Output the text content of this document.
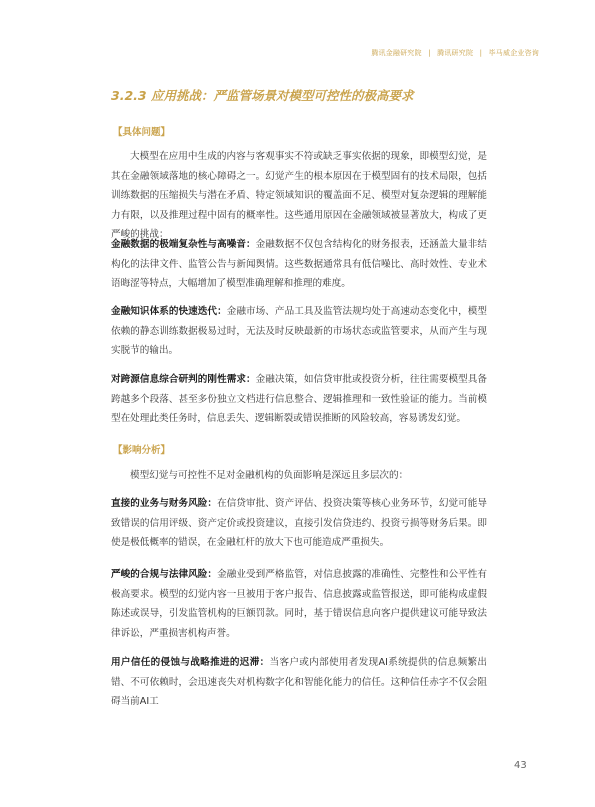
腾讯金融研究院 | 腾讯研究院 | 毕马威企业咨询
3.2.3 应用挑战：严监管场景对模型可控性的极高要求
【具体问题】
大模型在应用中生成的内容与客观事实不符或缺乏事实依据的现象，即模型幻觉，是其在金融领域落地的核心障碍之一。幻觉产生的根本原因在于模型固有的技术局限，包括训练数据的压缩损失与潜在矛盾、特定领域知识的覆盖面不足、模型对复杂逻辑的理解能力有限，以及推理过程中固有的概率性。这些通用原因在金融领域被显著放大，构成了更严峻的挑战：
金融数据的极端复杂性与高噪音：金融数据不仅包含结构化的财务报表，还涵盖大量非结构化的法律文件、监管公告与新闻舆情。这些数据通常具有低信噪比、高时效性、专业术语晦涩等特点，大幅增加了模型准确理解和推理的难度。
金融知识体系的快速迭代：金融市场、产品工具及监管法规均处于高速动态变化中，模型依赖的静态训练数据极易过时，无法及时反映最新的市场状态或监管要求，从而产生与现实脱节的输出。
对跨源信息综合研判的刚性需求：金融决策，如信贷审批或投资分析，往往需要模型具备跨越多个段落、甚至多份独立文档进行信息整合、逻辑推理和一致性验证的能力。当前模型在处理此类任务时，信息丢失、逻辑断裂或错误推断的风险较高，容易诱发幻觉。
【影响分析】
模型幻觉与可控性不足对金融机构的负面影响是深远且多层次的：
直接的业务与财务风险：在信贷审批、资产评估、投资决策等核心业务环节，幻觉可能导致错误的信用评级、资产定价或投资建议，直接引发信贷违约、投资亏损等财务后果。即使是极低概率的错误，在金融杠杆的放大下也可能造成严重损失。
严峻的合规与法律风险：金融业受到严格监管，对信息披露的准确性、完整性和公平性有极高要求。模型的幻觉内容一旦被用于客户报告、信息披露或监管报送，即可能构成虚假陈述或误导，引发监管机构的巨额罚款。同时，基于错误信息向客户提供建议可能导致法律诉讼，严重损害机构声誉。
用户信任的侵蚀与战略推进的迟滞：当客户或内部使用者发现AI系统提供的信息频繁出错、不可依赖时，会迅速丧失对机构数字化和智能化能力的信任。这种信任赤字不仅会阻碍当前AI工
43
